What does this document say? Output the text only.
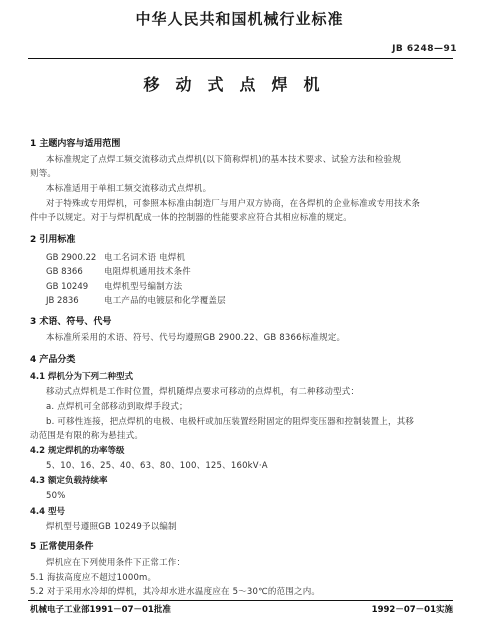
中华人民共和国机械行业标准
JB 6248—91
移动式点焊机
1 主题内容与适用范围
本标准规定了点焊工频交流移动式点焊机(以下简称焊机)的基本技术要求、试验方法和检验规
则等。
本标准适用于单相工频交流移动式点焊机。
对于特殊或专用焊机，可参照本标准由制造厂与用户双方协商，在各焊机的企业标准或专用技术条
件中予以规定。对于与焊机配成一体的控制器的性能要求应符合其相应标准的规定。
2 引用标准
GB 2900.22 电工名词术语 电焊机
GB 8366 电阻焊机通用技术条件
GB 10249 电焊机型号编制方法
JB 2836	电工产品的电镀层和化学覆盖层
3 术语、符号、代号
本标准所采用的术语、符号、代号均遵照GB 2900.22、GB 8366标准规定。
4 产品分类
4.1 焊机分为下列二种型式
移动式点焊机是工作时位置，焊机随焊点要求可移动的点焊机，有二种移动型式：
a. 点焊机可全部移动到取焊手段式；
b. 可移性连接，把点焊机的电极、电极杆或加压装置经附固定的阻焊变压器和控制装置上，其移
动范围是有限的称为悬挂式。
4.2 规定焊机的功率等级
5、10、16、25、40、63、80、100、125、160kV·A
4.3 额定负载持续率
50%
4.4 型号
焊机型号遵照GB 10249予以编制
5 正常使用条件
焊机应在下列使用条件下正常工作：
5.1 海拔高度应不超过1000m。
5.2 对于采用水冷却的焊机，其冷却水进水温度应在 5～30℃的范围之内。
机械电子工业部1991－07－01批准	1992－07－01实施
